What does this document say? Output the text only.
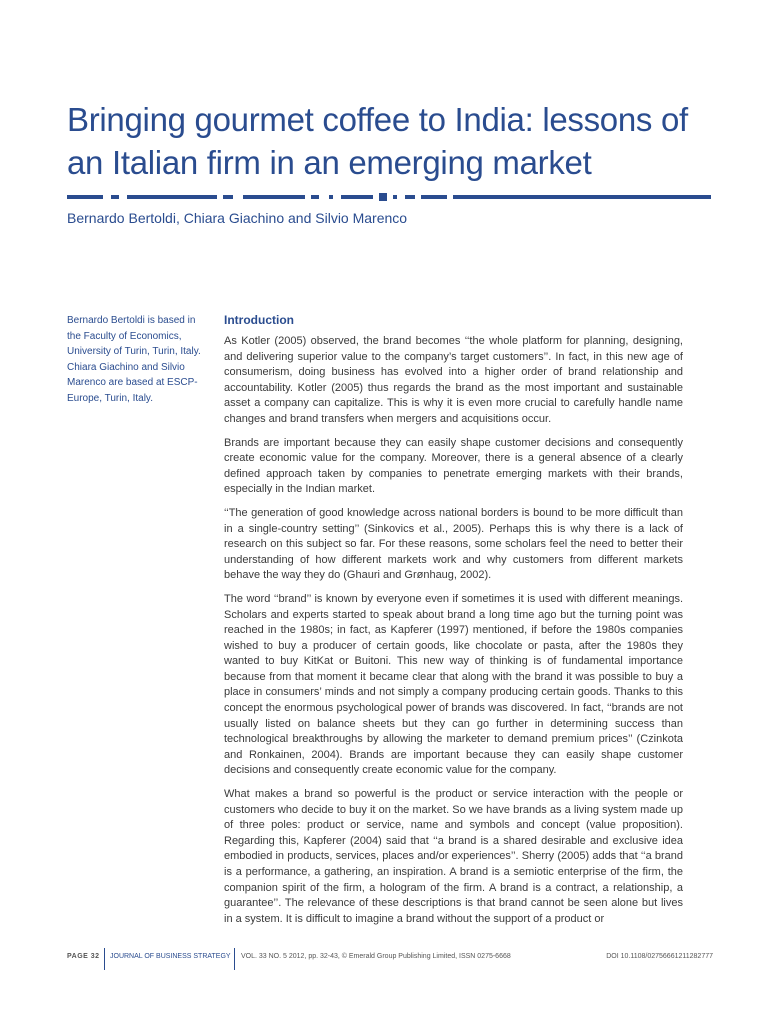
Bringing gourmet coffee to India: lessons of an Italian firm in an emerging market

Bernardo Bertoldi, Chiara Giachino and Silvio Marenco

Bernardo Bertoldi is based in the Faculty of Economics, University of Turin, Turin, Italy. Chiara Giachino and Silvio Marenco are based at ESCP-Europe, Turin, Italy.
Introduction

As Kotler (2005) observed, the brand becomes ‘‘the whole platform for planning, designing, and delivering superior value to the company’s target customers’’. In fact, in this new age of consumerism, doing business has evolved into a higher order of brand relationship and accountability. Kotler (2005) thus regards the brand as the most important and sustainable asset a company can capitalize. This is why it is even more crucial to carefully handle name changes and brand transfers when mergers and acquisitions occur.

Brands are important because they can easily shape customer decisions and consequently create economic value for the company. Moreover, there is a general absence of a clearly defined approach taken by companies to penetrate emerging markets with their brands, especially in the Indian market.

‘‘The generation of good knowledge across national borders is bound to be more difficult than in a single-country setting’’ (Sinkovics et al., 2005). Perhaps this is why there is a lack of research on this subject so far. For these reasons, some scholars feel the need to better their understanding of how different markets work and why customers from different markets behave the way they do (Ghauri and Grønhaug, 2002).

The word ‘‘brand’’ is known by everyone even if sometimes it is used with different meanings. Scholars and experts started to speak about brand a long time ago but the turning point was reached in the 1980s; in fact, as Kapferer (1997) mentioned, if before the 1980s companies wished to buy a producer of certain goods, like chocolate or pasta, after the 1980s they wanted to buy KitKat or Buitoni. This new way of thinking is of fundamental importance because from that moment it became clear that along with the brand it was possible to buy a place in consumers’ minds and not simply a company producing certain goods. Thanks to this concept the enormous psychological power of brands was discovered. In fact, ‘‘brands are not usually listed on balance sheets but they can go further in determining success than technological breakthroughs by allowing the marketer to demand premium prices’’ (Czinkota and Ronkainen, 2004). Brands are important because they can easily shape customer decisions and consequently create economic value for the company.

What makes a brand so powerful is the product or service interaction with the people or customers who decide to buy it on the market. So we have brands as a living system made up of three poles: product or service, name and symbols and concept (value proposition). Regarding this, Kapferer (2004) said that ‘‘a brand is a shared desirable and exclusive idea embodied in products, services, places and/or experiences’’. Sherry (2005) adds that ‘‘a brand is a performance, a gathering, an inspiration. A brand is a semiotic enterprise of the firm, the companion spirit of the firm, a hologram of the firm. A brand is a contract, a relationship, a guarantee’’. The relevance of these descriptions is that brand cannot be seen alone but lives in a system. It is difficult to imagine a brand without the support of a product or

PAGE 32 JOURNAL OF BUSINESS STRATEGY VOL. 33 NO. 5 2012, pp. 32-43, © Emerald Group Publishing Limited, ISSN 0275-6668	DOI 10.1108/02756661211282777
